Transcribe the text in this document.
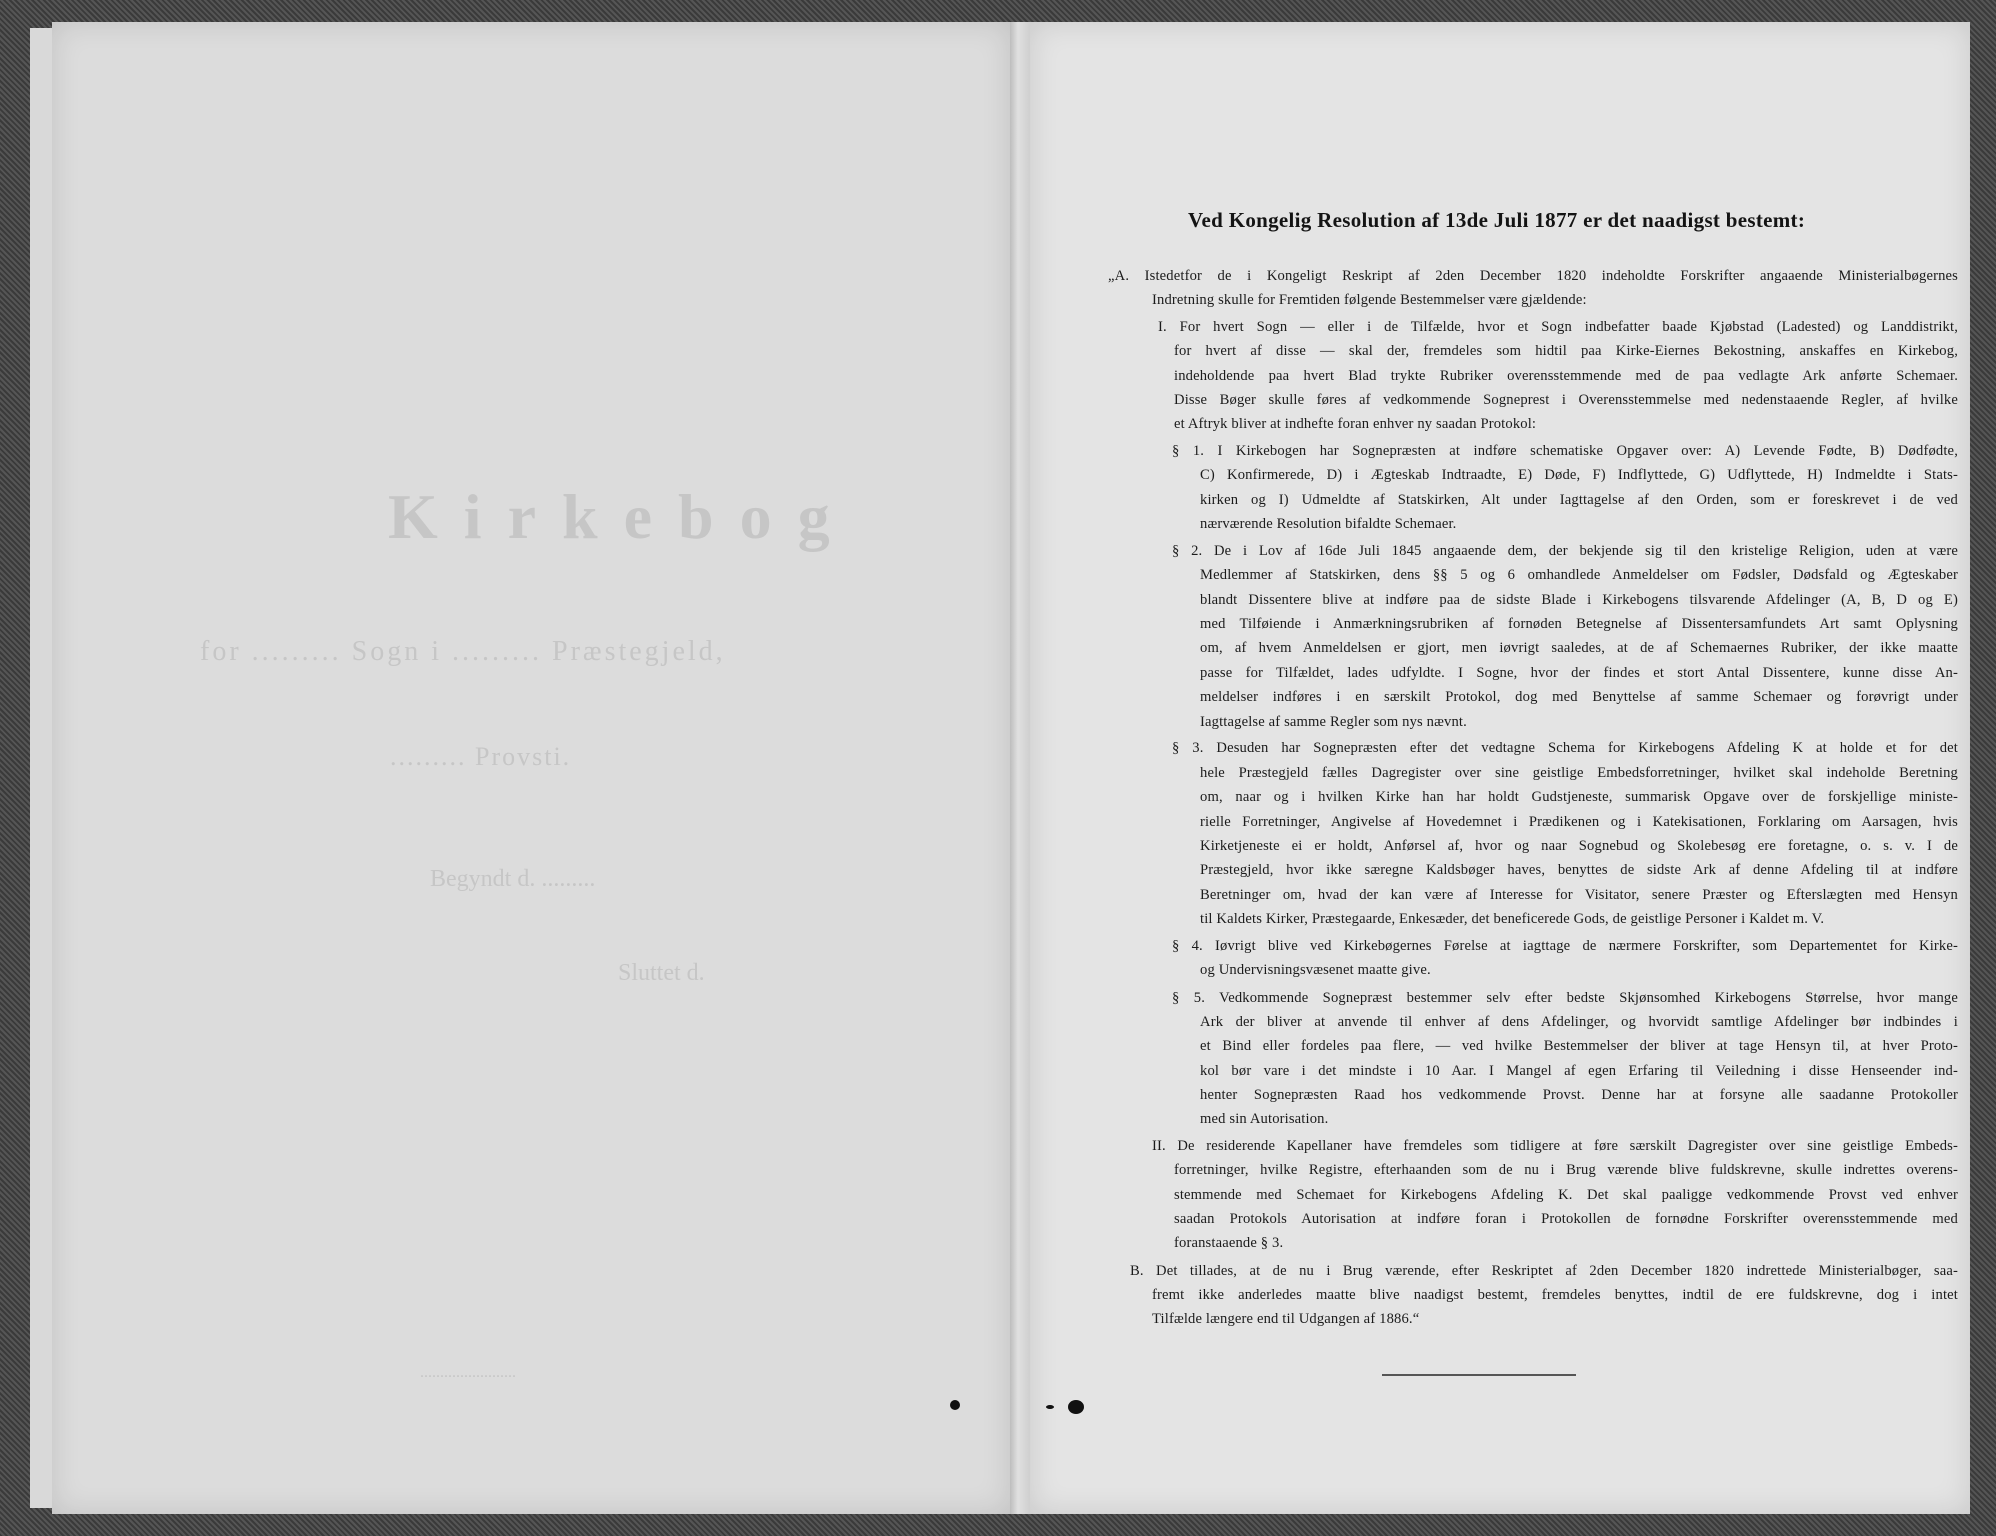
Kirkebog
for ......... Sogn i ......... Præstegjeld,
......... Provsti.
Begyndt d. .........
Sluttet d.
........................
Ved Kongelig Resolution af 13de Juli 1877 er det naadigst bestemt:
„A. Istedetfor de i Kongeligt Reskript af 2den December 1820 indeholdte Forskrifter angaaende Ministerialbøgernes
Indretning skulle for Fremtiden følgende Bestemmelser være gjældende:
I. For hvert Sogn — eller i de Tilfælde, hvor et Sogn indbefatter baade Kjøbstad (Ladested) og Landdistrikt,
for hvert af disse — skal der, fremdeles som hidtil paa Kirke-Eiernes Bekostning, anskaffes en Kirkebog,
indeholdende paa hvert Blad trykte Rubriker overensstemmende med de paa vedlagte Ark anførte Schemaer.
Disse Bøger skulle føres af vedkommende Sogneprest i Overensstemmelse med nedenstaaende Regler, af hvilke
et Aftryk bliver at indhefte foran enhver ny saadan Protokol:
§ 1. I Kirkebogen har Sognepræsten at indføre schematiske Opgaver over: A) Levende Fødte, B) Dødfødte,
C) Konfirmerede, D) i Ægteskab Indtraadte, E) Døde, F) Indflyttede, G) Udflyttede, H) Indmeldte i Stats-
kirken og I) Udmeldte af Statskirken, Alt under Iagttagelse af den Orden, som er foreskrevet i de ved
nærværende Resolution bifaldte Schemaer.
§ 2. De i Lov af 16de Juli 1845 angaaende dem, der bekjende sig til den kristelige Religion, uden at være
Medlemmer af Statskirken, dens §§ 5 og 6 omhandlede Anmeldelser om Fødsler, Dødsfald og Ægteskaber
blandt Dissentere blive at indføre paa de sidste Blade i Kirkebogens tilsvarende Afdelinger (A, B, D og E)
med Tilføiende i Anmærkningsrubriken af fornøden Betegnelse af Dissentersamfundets Art samt Oplysning
om, af hvem Anmeldelsen er gjort, men iøvrigt saaledes, at de af Schemaernes Rubriker, der ikke maatte
passe for Tilfældet, lades udfyldte. I Sogne, hvor der findes et stort Antal Dissentere, kunne disse An-
meldelser indføres i en særskilt Protokol, dog med Benyttelse af samme Schemaer og forøvrigt under
Iagttagelse af samme Regler som nys nævnt.
§ 3. Desuden har Sognepræsten efter det vedtagne Schema for Kirkebogens Afdeling K at holde et for det
hele Præstegjeld fælles Dagregister over sine geistlige Embedsforretninger, hvilket skal indeholde Beretning
om, naar og i hvilken Kirke han har holdt Gudstjeneste, summarisk Opgave over de forskjellige ministe-
rielle Forretninger, Angivelse af Hovedemnet i Prædikenen og i Katekisationen, Forklaring om Aarsagen, hvis
Kirketjeneste ei er holdt, Anførsel af, hvor og naar Sognebud og Skolebesøg ere foretagne, o. s. v. I de
Præstegjeld, hvor ikke særegne Kaldsbøger haves, benyttes de sidste Ark af denne Afdeling til at indføre
Beretninger om, hvad der kan være af Interesse for Visitator, senere Præster og Efterslægten med Hensyn
til Kaldets Kirker, Præstegaarde, Enkesæder, det beneficerede Gods, de geistlige Personer i Kaldet m. V.
§ 4. Iøvrigt blive ved Kirkebøgernes Førelse at iagttage de nærmere Forskrifter, som Departementet for Kirke-
og Undervisningsvæsenet maatte give.
§ 5. Vedkommende Sognepræst bestemmer selv efter bedste Skjønsomhed Kirkebogens Størrelse, hvor mange
Ark der bliver at anvende til enhver af dens Afdelinger, og hvorvidt samtlige Afdelinger bør indbindes i
et Bind eller fordeles paa flere, — ved hvilke Bestemmelser der bliver at tage Hensyn til, at hver Proto-
kol bør vare i det mindste i 10 Aar. I Mangel af egen Erfaring til Veiledning i disse Henseender ind-
henter Sognepræsten Raad hos vedkommende Provst. Denne har at forsyne alle saadanne Protokoller
med sin Autorisation.
II. De residerende Kapellaner have fremdeles som tidligere at føre særskilt Dagregister over sine geistlige Embeds-
forretninger, hvilke Registre, efterhaanden som de nu i Brug værende blive fuldskrevne, skulle indrettes overens-
stemmende med Schemaet for Kirkebogens Afdeling K. Det skal paaligge vedkommende Provst ved enhver
saadan Protokols Autorisation at indføre foran i Protokollen de fornødne Forskrifter overensstemmende med
foranstaaende § 3.
B. Det tillades, at de nu i Brug værende, efter Reskriptet af 2den December 1820 indrettede Ministerialbøger, saa-
fremt ikke anderledes maatte blive naadigst bestemt, fremdeles benyttes, indtil de ere fuldskrevne, dog i intet
Tilfælde længere end til Udgangen af 1886.“
